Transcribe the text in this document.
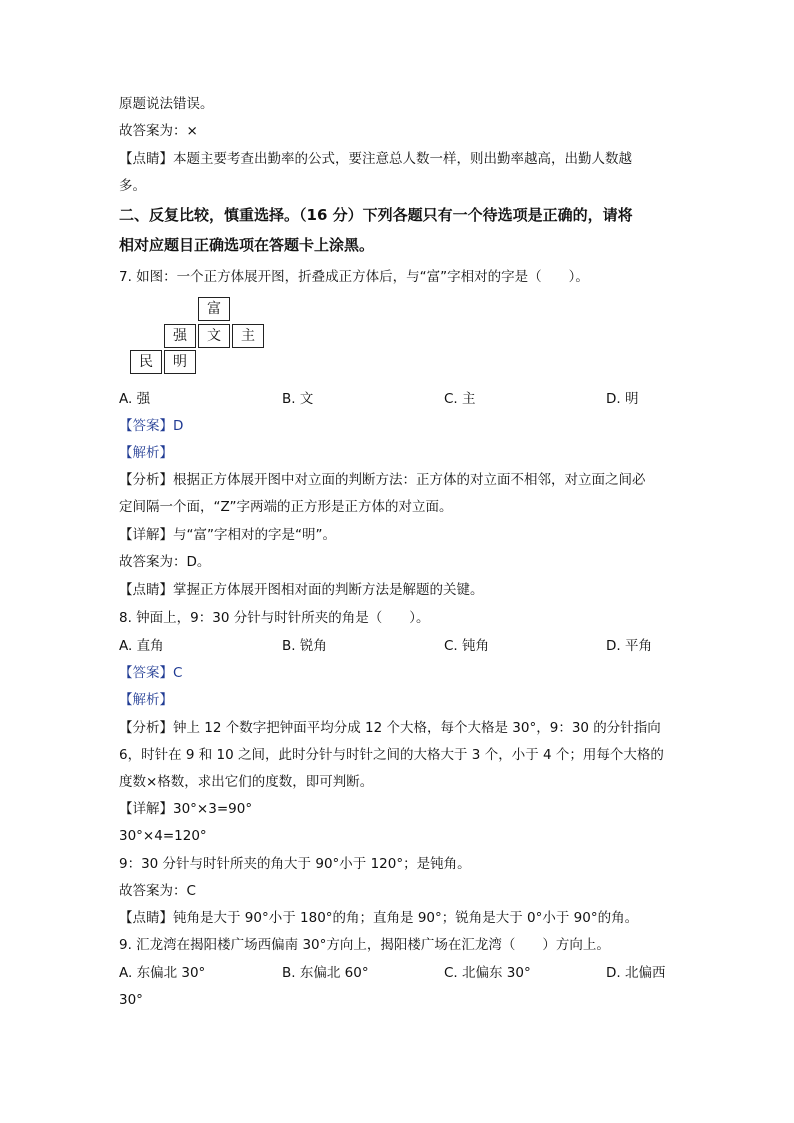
原题说法错误。
故答案为：×
【点睛】本题主要考查出勤率的公式，要注意总人数一样，则出勤率越高，出勤人数越
多。
二、反复比较，慎重选择。（16 分）下列各题只有一个待选项是正确的，请将
相对应题目正确选项在答题卡上涂黑。
7. 如图：一个正方体展开图，折叠成正方体后，与“富”字相对的字是（　　）。
富
强	文	主
民	明
A. 强	B. 文	C. 主	D. 明
【答案】D
【解析】
【分析】根据正方体展开图中对立面的判断方法：正方体的对立面不相邻，对立面之间必
定间隔一个面，“Z”字两端的正方形是正方体的对立面。
【详解】与“富”字相对的字是“明”。
故答案为：D。
【点睛】掌握正方体展开图相对面的判断方法是解题的关键。
8. 钟面上，9：30 分针与时针所夹的角是（　　）。
A. 直角	B. 锐角	C. 钝角	D. 平角
【答案】C
【解析】
【分析】钟上 12 个数字把钟面平均分成 12 个大格，每个大格是 30°，9：30 的分针指向
6，时针在 9 和 10 之间，此时分针与时针之间的大格大于 3 个，小于 4 个；用每个大格的
度数×格数，求出它们的度数，即可判断。
【详解】30°×3=90°
30°×4=120°
9：30 分针与时针所夹的角大于 90°小于 120°；是钝角。
故答案为：C
【点睛】钝角是大于 90°小于 180°的角；直角是 90°；锐角是大于 0°小于 90°的角。
9. 汇龙湾在揭阳楼广场西偏南 30°方向上，揭阳楼广场在汇龙湾（　　）方向上。
A. 东偏北 30°	B. 东偏北 60°	C. 北偏东 30°	D. 北偏西
30°
